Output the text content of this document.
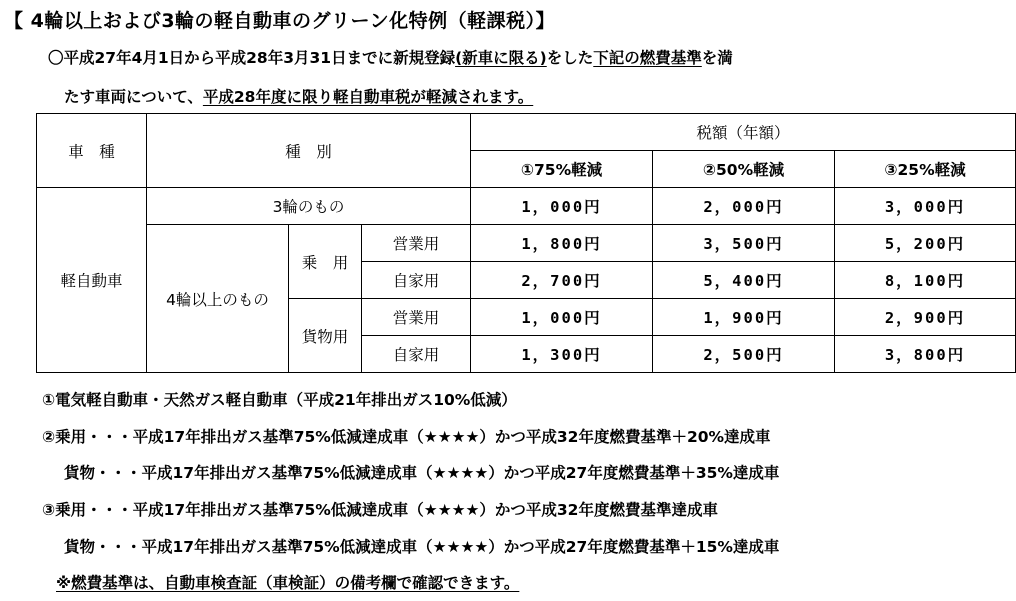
【 4輪以上および3輪の軽自動車のグリーン化特例（軽課税）】
〇平成27年4月1日から平成28年3月31日までに新規登録(新車に限る)をした下記の燃費基準を満
たす車両について、平成28年度に限り軽自動車税が軽減されます。
車　種	種　別			税額（年額）		
				①75%軽減	②50%軽減	③25%軽減
軽自動車	3輪のもの			1，000円	2，000円	3，000円
	4輪以上のもの	乗　用	営業用	1，800円	3，500円	5，200円
			自家用	2，700円	5，400円	8，100円
		貨物用	営業用	1，000円	1，900円	2，900円
			自家用	1，300円	2，500円	3，800円
①電気軽自動車・天然ガス軽自動車（平成21年排出ガス10%低減）
②乗用・・・平成17年排出ガス基準75%低減達成車（★★★★）かつ平成32年度燃費基準＋20%達成車
貨物・・・平成17年排出ガス基準75%低減達成車（★★★★）かつ平成27年度燃費基準＋35%達成車
③乗用・・・平成17年排出ガス基準75%低減達成車（★★★★）かつ平成32年度燃費基準達成車
貨物・・・平成17年排出ガス基準75%低減達成車（★★★★）かつ平成27年度燃費基準＋15%達成車
※燃費基準は、自動車検査証（車検証）の備考欄で確認できます。
